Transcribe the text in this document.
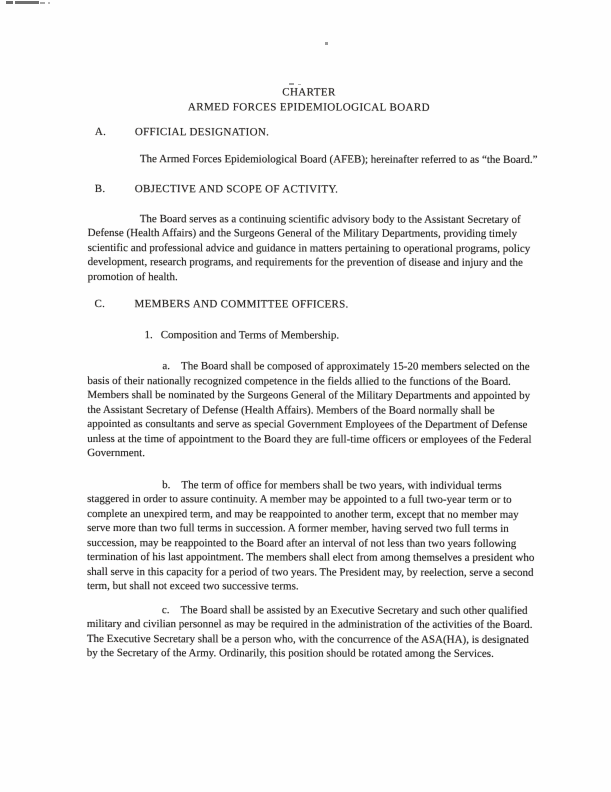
CHARTER
ARMED FORCES EPIDEMIOLOGICAL BOARD
A.	OFFICIAL DESIGNATION.

The Armed Forces Epidemiological Board (AFEB); hereinafter referred to as “the Board.”

B.	OBJECTIVE AND SCOPE OF ACTIVITY.

The Board serves as a continuing scientific advisory body to the Assistant Secretary of Defense (Health Affairs) and the Surgeons General of the Military Departments, providing timely scientific and professional advice and guidance in matters pertaining to operational programs, policy development, research programs, and requirements for the prevention of disease and injury and the promotion of health.

C.	MEMBERS AND COMMITTEE OFFICERS.
1. Composition and Terms of Membership.

a. The Board shall be composed of approximately 15-20 members selected on the basis of their nationally recognized competence in the fields allied to the functions of the Board. Members shall be nominated by the Surgeons General of the Military Departments and appointed by the Assistant Secretary of Defense (Health Affairs). Members of the Board normally shall be appointed as consultants and serve as special Government Employees of the Department of Defense unless at the time of appointment to the Board they are full-time officers or employees of the Federal Government.

b. The term of office for members shall be two years, with individual terms staggered in order to assure continuity. A member may be appointed to a full two-year term or to complete an unexpired term, and may be reappointed to another term, except that no member may serve more than two full terms in succession. A former member, having served two full terms in succession, may be reappointed to the Board after an interval of not less than two years following termination of his last appointment. The members shall elect from among themselves a president who shall serve in this capacity for a period of two years. The President may, by reelection, serve a second term, but shall not exceed two successive terms.

c. The Board shall be assisted by an Executive Secretary and such other qualified military and civilian personnel as may be required in the administration of the activities of the Board. The Executive Secretary shall be a person who, with the concurrence of the ASA(HA), is designated by the Secretary of the Army. Ordinarily, this position should be rotated among the Services.
